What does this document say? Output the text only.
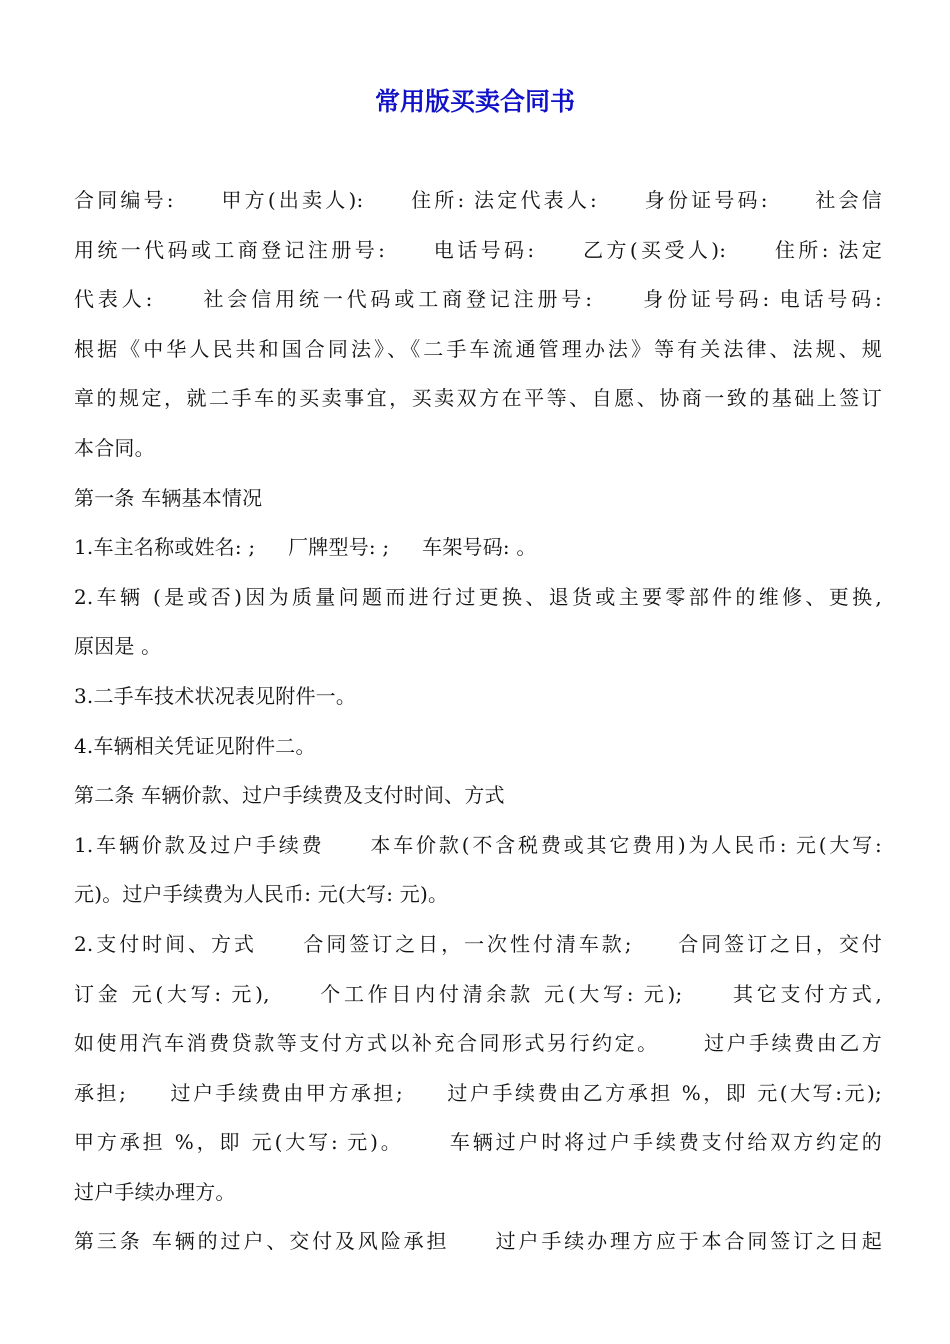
常用版买卖合同书
合同编号:     甲方(出卖人):     住所: 法定代表人:     身份证号码:     社会信
用统一代码或工商登记注册号:     电话号码:     乙方(买受人):     住所: 法定
代表人:     社会信用统一代码或工商登记注册号:     身份证号码: 电话号码:
根据《中华人民共和国合同法》、《二手车流通管理办法》等有关法律、法规、规
章的规定，就二手车的买卖事宜，买卖双方在平等、自愿、协商一致的基础上签订
本合同。
第一条 车辆基本情况
1.车主名称或姓名: ;     厂牌型号: ;     车架号码: 。
2.车辆 (是或否)因为质量问题而进行过更换、退货或主要零部件的维修、更换,
原因是 。
3.二手车技术状况表见附件一。
4.车辆相关凭证见附件二。
第二条 车辆价款、过户手续费及支付时间、方式
1.车辆价款及过户手续费     本车价款(不含税费或其它费用)为人民币: 元(大写:
元)。过户手续费为人民币: 元(大写: 元)。
2.支付时间、方式     合同签订之日，一次性付清车款;     合同签订之日，交付
订金 元(大写: 元),     个工作日内付清余款 元(大写: 元);     其它支付方式,
如使用汽车消费贷款等支付方式以补充合同形式另行约定。     过户手续费由乙方
承担;     过户手续费由甲方承担;     过户手续费由乙方承担 %，即 元(大写:元);
甲方承担 %，即 元(大写: 元)。     车辆过户时将过户手续费支付给双方约定的
过户手续办理方。
第三条 车辆的过户、交付及风险承担     过户手续办理方应于本合同签订之日起
